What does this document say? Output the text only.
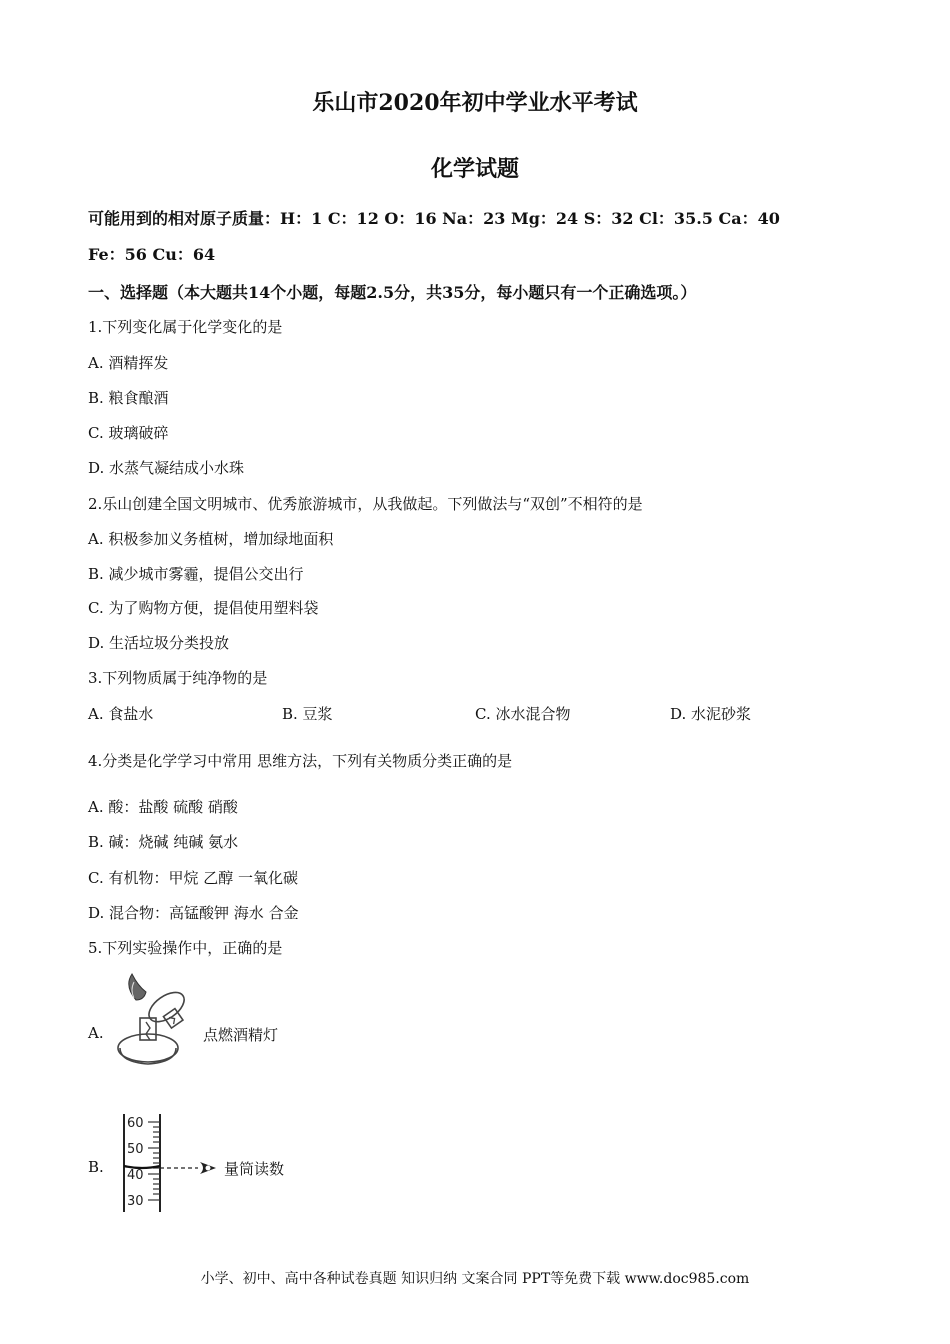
乐山市2020年初中学业水平考试
化学试题
可能用到的相对原子质量：H：1 C：12 O：16 Na：23 Mg：24 S：32 Cl：35.5 Ca：40
Fe：56 Cu：64
一、选择题（本大题共14个小题，每题2.5分，共35分，每小题只有一个正确选项。）
1.下列变化属于化学变化的是
A. 酒精挥发
B. 粮食酿酒
C. 玻璃破碎
D. 水蒸气凝结成小水珠
2.乐山创建全国文明城市、优秀旅游城市，从我做起。下列做法与“双创”不相符的是
A. 积极参加义务植树，增加绿地面积
B. 减少城市雾霾，提倡公交出行
C. 为了购物方便，提倡使用塑料袋
D. 生活垃圾分类投放
3.下列物质属于纯净物的是
A. 食盐水	B. 豆浆	C. 冰水混合物	D. 水泥砂浆
4.分类是化学学习中常用 思维方法，下列有关物质分类正确的是
A. 酸：盐酸 硫酸 硝酸
B. 碱：烧碱 纯碱 氨水
C. 有机物：甲烷 乙醇 一氧化碳
D. 混合物：高锰酸钾 海水 合金
5.下列实验操作中，正确的是
A.	点燃酒精灯
B.
60
50
40
30
量筒读数
小学、初中、高中各种试卷真题 知识归纳 文案合同 PPT等免费下载 www.doc985.com
